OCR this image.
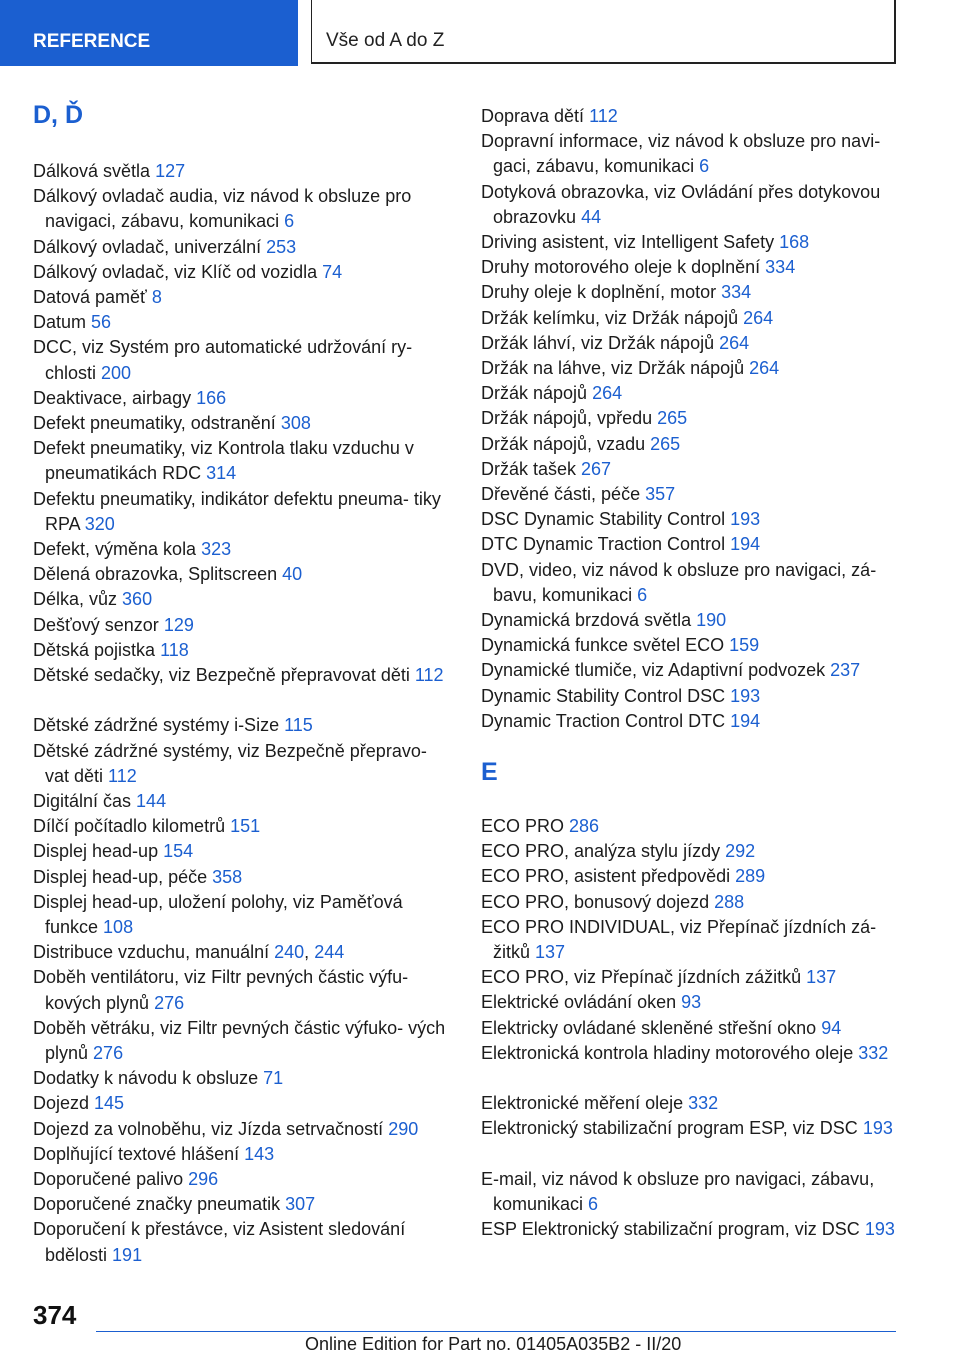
REFERENCE	Vše od A do Z
D, Ď
Dálková světla 127
Dálkový ovladač audia, viz návod k obsluze pro navigaci, zábavu, komunikaci 6
Dálkový ovladač, univerzální 253
Dálkový ovladač, viz Klíč od vozidla 74
Datová paměť 8
Datum 56
DCC, viz Systém pro automatické udržování ry- chlosti 200
Deaktivace, airbagy 166
Defekt pneumatiky, odstranění 308
Defekt pneumatiky, viz Kontrola tlaku vzduchu v pneumatikách RDC 314
Defektu pneumatiky, indikátor defektu pneuma- tiky RPA 320
Defekt, výměna kola 323
Dělená obrazovka, Splitscreen 40
Délka, vůz 360
Dešťový senzor 129
Dětská pojistka 118
Dětské sedačky, viz Bezpečně přepravovat děti 112
Dětské zádržné systémy i-Size 115
Dětské zádržné systémy, viz Bezpečně přepravo- vat děti 112
Digitální čas 144
Dílčí počítadlo kilometrů 151
Displej head-up 154
Displej head-up, péče 358
Displej head-up, uložení polohy, viz Paměťová funkce 108
Distribuce vzduchu, manuální 240, 244
Doběh ventilátoru, viz Filtr pevných částic výfu- kových plynů 276
Doběh větráku, viz Filtr pevných částic výfuko- vých plynů 276
Dodatky k návodu k obsluze 71
Dojezd 145
Dojezd za volnoběhu, viz Jízda setrvačností 290
Doplňující textové hlášení 143
Doporučené palivo 296
Doporučené značky pneumatik 307
Doporučení k přestávce, viz Asistent sledování bdělosti 191
Doprava dětí 112
Dopravní informace, viz návod k obsluze pro navi- gaci, zábavu, komunikaci 6
Dotyková obrazovka, viz Ovládání přes dotykovou obrazovku 44
Driving asistent, viz Intelligent Safety 168
Druhy motorového oleje k doplnění 334
Druhy oleje k doplnění, motor 334
Držák kelímku, viz Držák nápojů 264
Držák láhví, viz Držák nápojů 264
Držák na láhve, viz Držák nápojů 264
Držák nápojů 264
Držák nápojů, vpředu 265
Držák nápojů, vzadu 265
Držák tašek 267
Dřevěné části, péče 357
DSC Dynamic Stability Control 193
DTC Dynamic Traction Control 194
DVD, video, viz návod k obsluze pro navigaci, zá- bavu, komunikaci 6
Dynamická brzdová světla 190
Dynamická funkce světel ECO 159
Dynamické tlumiče, viz Adaptivní podvozek 237
Dynamic Stability Control DSC 193
Dynamic Traction Control DTC 194
E
ECO PRO 286
ECO PRO, analýza stylu jízdy 292
ECO PRO, asistent předpovědi 289
ECO PRO, bonusový dojezd 288
ECO PRO INDIVIDUAL, viz Přepínač jízdních zá- žitků 137
ECO PRO, viz Přepínač jízdních zážitků 137
Elektrické ovládání oken 93
Elektricky ovládané skleněné střešní okno 94
Elektronická kontrola hladiny motorového oleje 332
Elektronické měření oleje 332
Elektronický stabilizační program ESP, viz DSC 193
E-mail, viz návod k obsluze pro navigaci, zábavu, komunikaci 6
ESP Elektronický stabilizační program, viz DSC 193
374
Online Edition for Part no. 01405A035B2 - II/20
